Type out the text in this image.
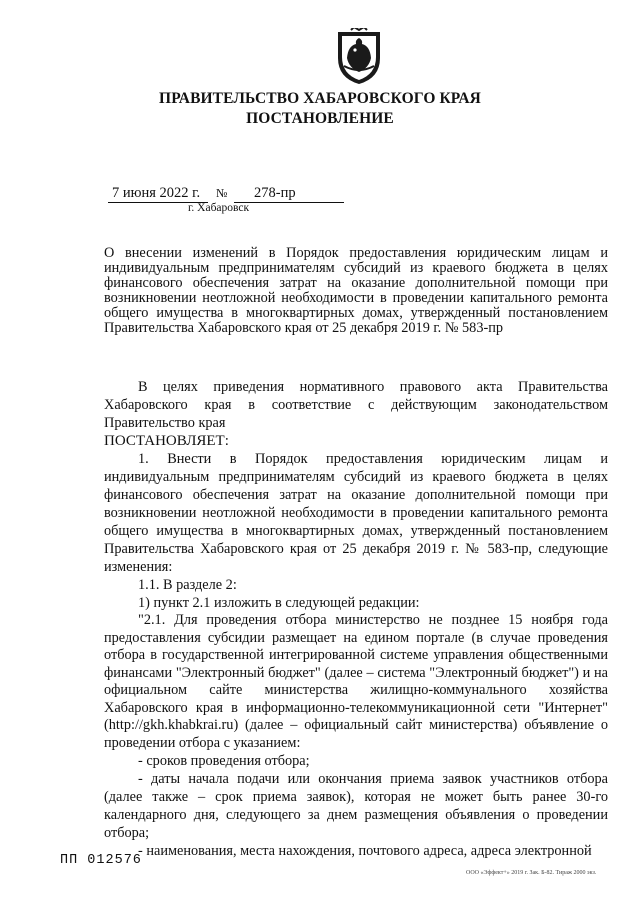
ПРАВИТЕЛЬСТВО ХАБАРОВСКОГО КРАЯ
ПОСТАНОВЛЕНИЕ
7 июня 2022 г. № 278-пр
г. Хабаровск
О внесении изменений в Порядок предоставления юридическим лицам и индивидуальным предпринимателям субсидий из краевого бюджета в целях финансового обеспечения затрат на оказание дополнительной помощи при возникновении неотложной необходимости в проведении капитального ремонта общего имущества в многоквартирных домах, утвержденный постановлением Правительства Хабаровского края от 25 декабря 2019 г. № 583-пр

В целях приведения нормативного правового акта Правительства Хабаровского края в соответствие с действующим законодательством Правительство края

ПОСТАНОВЛЯЕТ:

1. Внести в Порядок предоставления юридическим лицам и индивидуальным предпринимателям субсидий из краевого бюджета в целях финансового обеспечения затрат на оказание дополнительной помощи при возникновении неотложной необходимости в проведении капитального ремонта общего имущества в многоквартирных домах, утвержденный постановлением Правительства Хабаровского края от 25 декабря 2019 г. № 583-пр, следующие изменения:

1.1. В разделе 2:

1) пункт 2.1 изложить в следующей редакции:

"2.1. Для проведения отбора министерство не позднее 15 ноября года предоставления субсидии размещает на едином портале (в случае проведения отбора в государственной интегрированной системе управления общественными финансами "Электронный бюджет" (далее – система "Электронный бюджет") и на официальном сайте министерства жилищно-коммунального хозяйства Хабаровского края в информационно-телекоммуникационной сети "Интернет" (http://gkh.khabkrai.ru) (далее – официальный сайт министерства) объявление о проведении отбора с указанием:

- сроков проведения отбора;

- даты начала подачи или окончания приема заявок участников отбора (далее также – срок приема заявок), которая не может быть ранее 30-го календарного дня, следующего за днем размещения объявления о проведении отбора;

- наименования, места нахождения, почтового адреса, адреса электронной

ПП 012576
ООО «Эффект+» 2019 г. Зак. Б-82. Тираж 2000 экз.
